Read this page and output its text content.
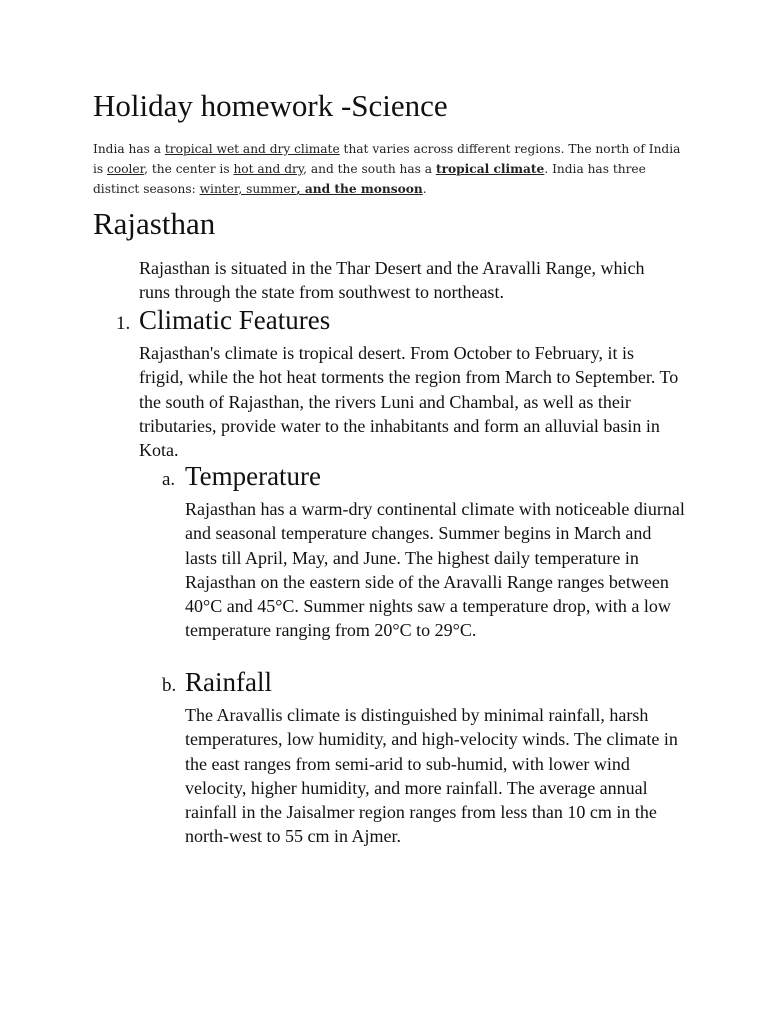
Holiday homework -Science

India has a tropical wet and dry climate that varies across different regions. The north of India is cooler, the center is hot and dry, and the south has a tropical climate. India has three distinct seasons: winter, summer, and the monsoon.

Rajasthan

Rajasthan is situated in the Thar Desert and the Aravalli Range, which runs through the state from southwest to northeast.

1. Climatic Features

Rajasthan's climate is tropical desert. From October to February, it is frigid, while the hot heat torments the region from March to September. To the south of Rajasthan, the rivers Luni and Chambal, as well as their tributaries, provide water to the inhabitants and form an alluvial basin in Kota.

a. Temperature

Rajasthan has a warm-dry continental climate with noticeable diurnal and seasonal temperature changes. Summer begins in March and lasts till April, May, and June. The highest daily temperature in Rajasthan on the eastern side of the Aravalli Range ranges between 40°C and 45°C. Summer nights saw a temperature drop, with a low temperature ranging from 20°C to 29°C.

b. Rainfall

The Aravallis climate is distinguished by minimal rainfall, harsh temperatures, low humidity, and high-velocity winds. The climate in the east ranges from semi-arid to sub-humid, with lower wind velocity, higher humidity, and more rainfall. The average annual rainfall in the Jaisalmer region ranges from less than 10 cm in the north-west to 55 cm in Ajmer.
